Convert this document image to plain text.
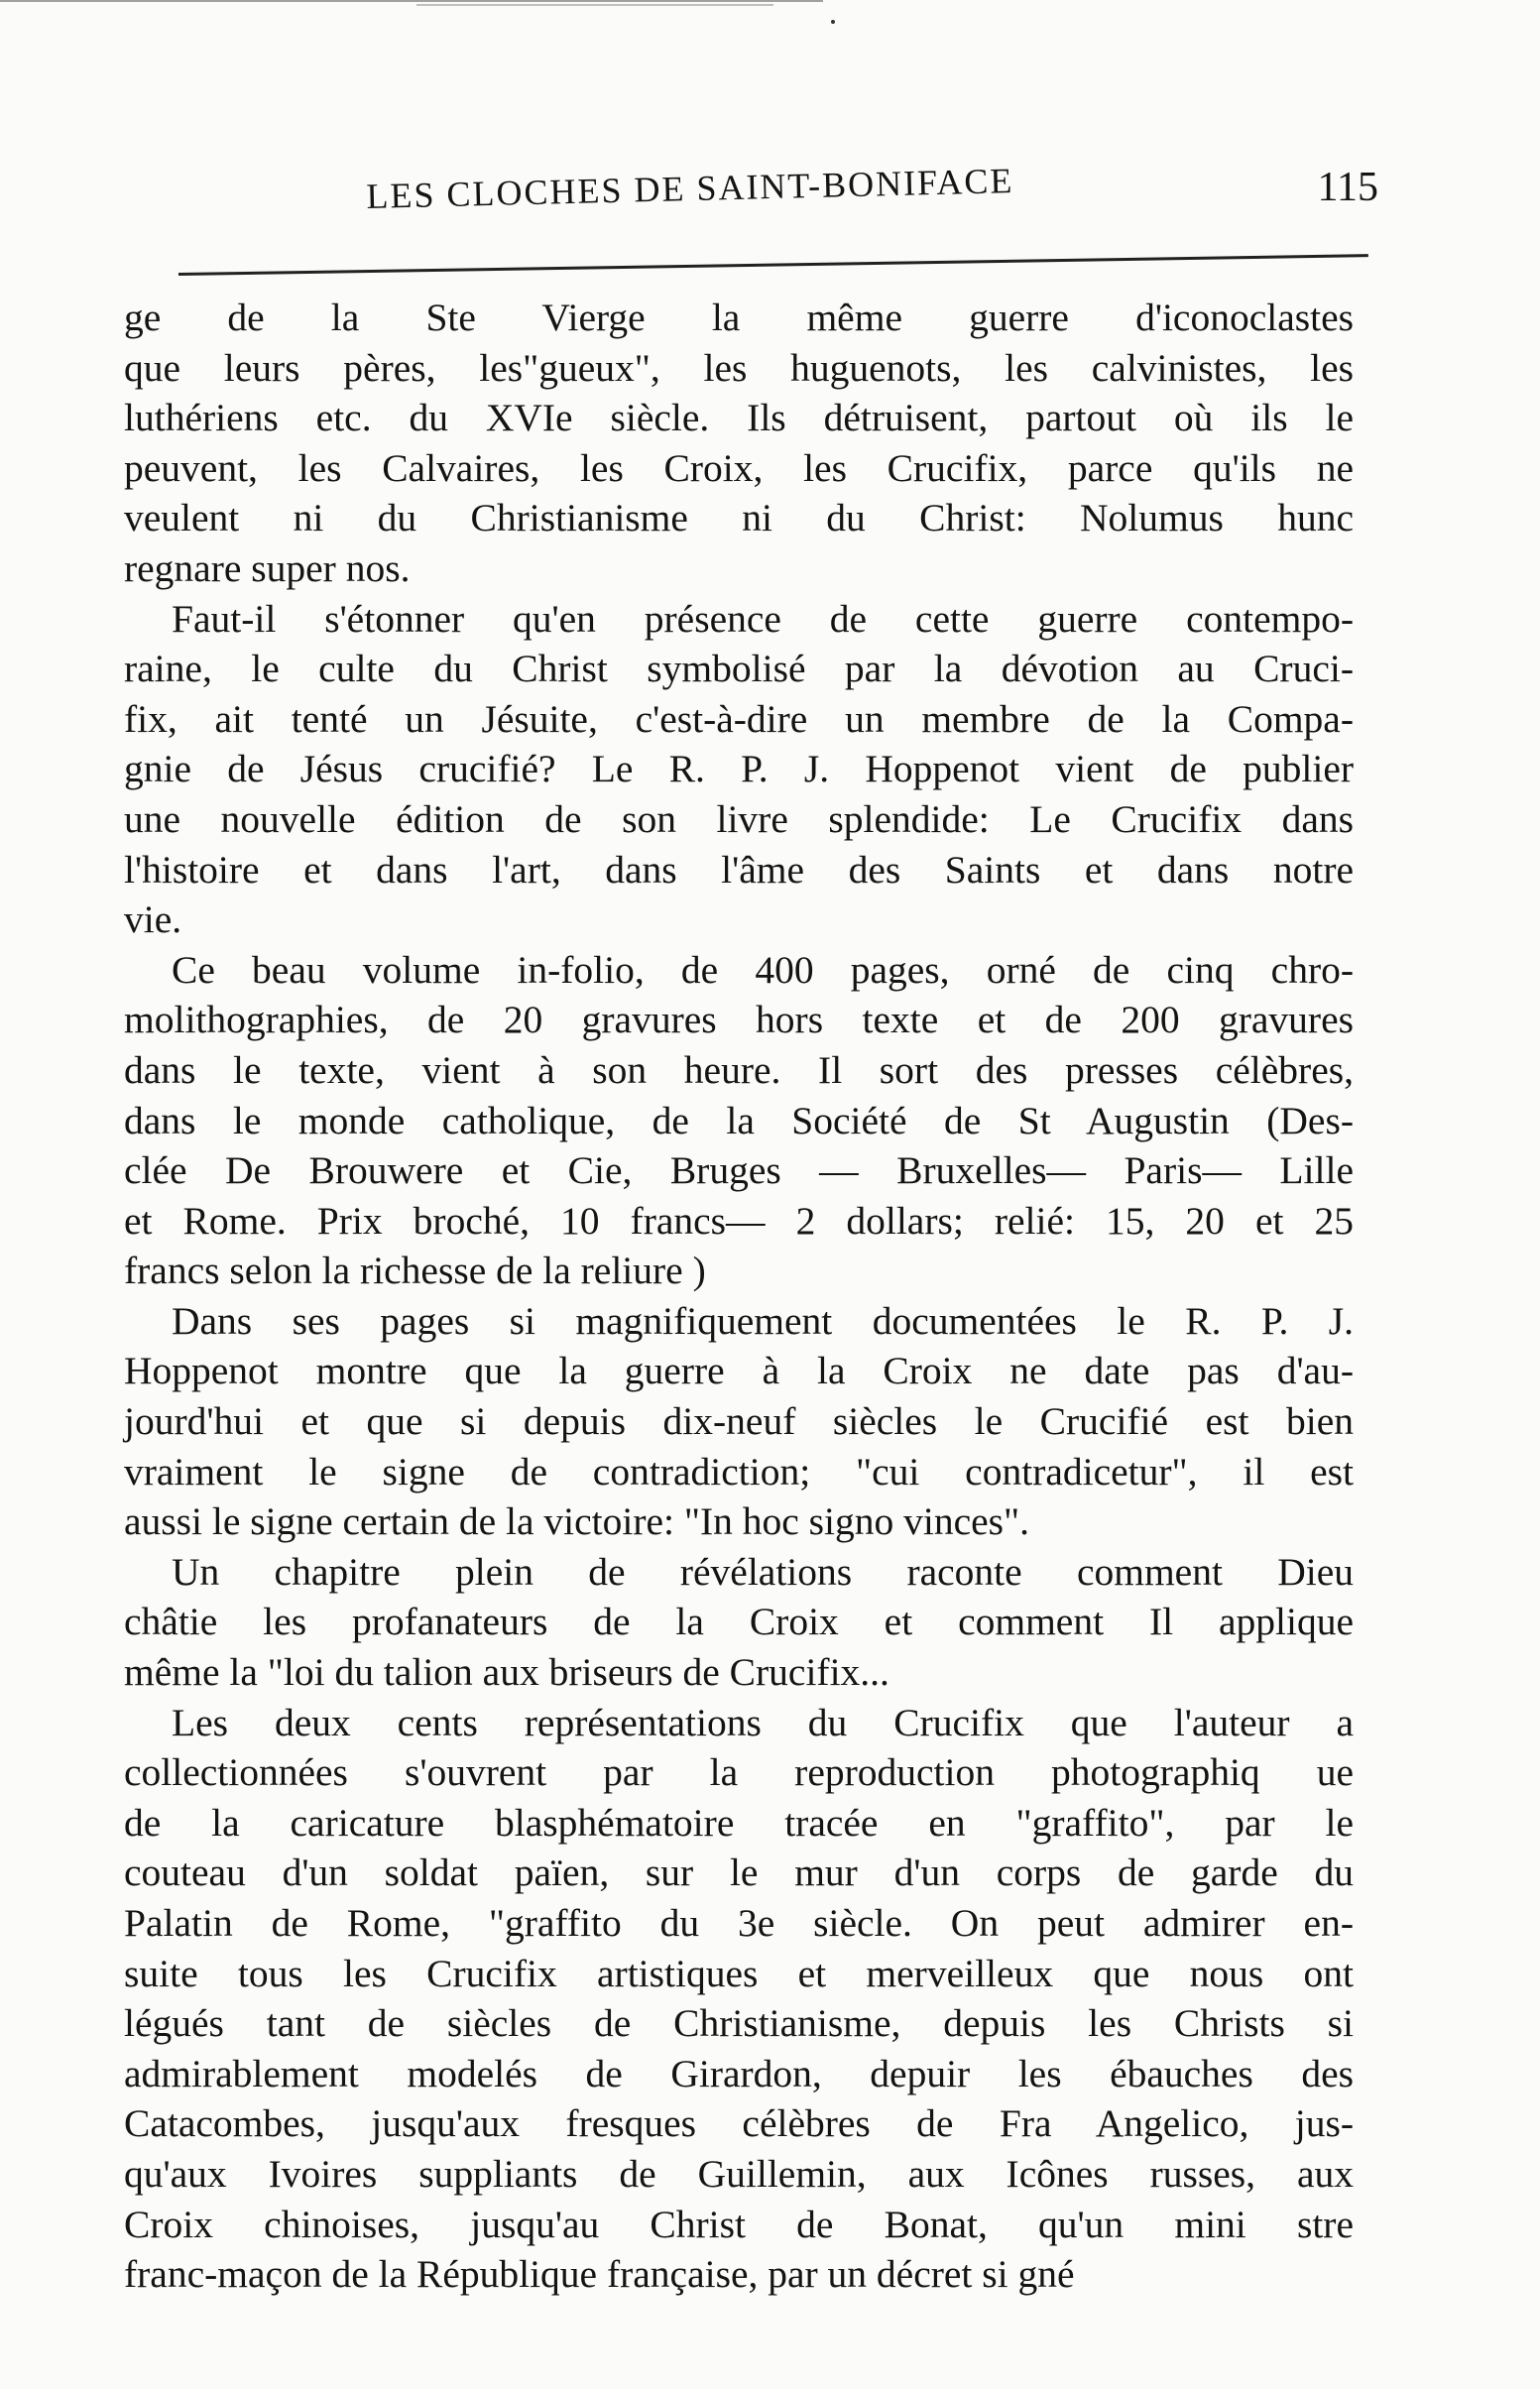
LES CLOCHES DE SAINT-BONIFACE	115
ge de la Ste Vierge la même guerre d'iconoclastes
que leurs pères, les"gueux", les huguenots, les calvinistes, les
luthériens etc. du XVIe siècle. Ils détruisent, partout où ils le
peuvent, les Calvaires, les Croix, les Crucifix, parce qu'ils ne
veulent ni du Christianisme ni du Christ: Nolumus hunc
regnare super nos.
Faut-il s'étonner qu'en présence de cette guerre contempo-
raine, le culte du Christ symbolisé par la dévotion au Cruci-
fix, ait tenté un Jésuite, c'est-à-dire un membre de la Compa-
gnie de Jésus crucifié? Le R. P. J. Hoppenot vient de publier
une nouvelle édition de son livre splendide: Le Crucifix dans
l'histoire et dans l'art, dans l'âme des Saints et dans notre
vie.
Ce beau volume in-folio, de 400 pages, orné de cinq chro-
molithographies, de 20 gravures hors texte et de 200 gravures
dans le texte, vient à son heure. Il sort des presses célèbres,
dans le monde catholique, de la Société de St Augustin (Des-
clée De Brouwere et Cie, Bruges — Bruxelles— Paris— Lille
et Rome. Prix broché, 10 francs— 2 dollars; relié: 15, 20 et 25
francs selon la richesse de la reliure )
Dans ses pages si magnifiquement documentées le R. P. J.
Hoppenot montre que la guerre à la Croix ne date pas d'au-
jourd'hui et que si depuis dix-neuf siècles le Crucifié est bien
vraiment le signe de contradiction; "cui contradicetur", il est
aussi le signe certain de la victoire: "In hoc signo vinces".
Un chapitre plein de révélations raconte comment Dieu
châtie les profanateurs de la Croix et comment Il applique
même la "loi du talion aux briseurs de Crucifix...
Les deux cents représentations du Crucifix que l'auteur a
collectionnées s'ouvrent par la reproduction photographiq ue
de la caricature blasphématoire tracée en "graffito", par le
couteau d'un soldat païen, sur le mur d'un corps de garde du
Palatin de Rome, "graffito du 3e siècle. On peut admirer en-
suite tous les Crucifix artistiques et merveilleux que nous ont
légués tant de siècles de Christianisme, depuis les Christs si
admirablement modelés de Girardon, depuir les ébauches des
Catacombes, jusqu'aux fresques célèbres de Fra Angelico, jus-
qu'aux Ivoires suppliants de Guillemin, aux Icônes russes, aux
Croix chinoises, jusqu'au Christ de Bonat, qu'un mini stre
franc-maçon de la République française, par un décret si gné
